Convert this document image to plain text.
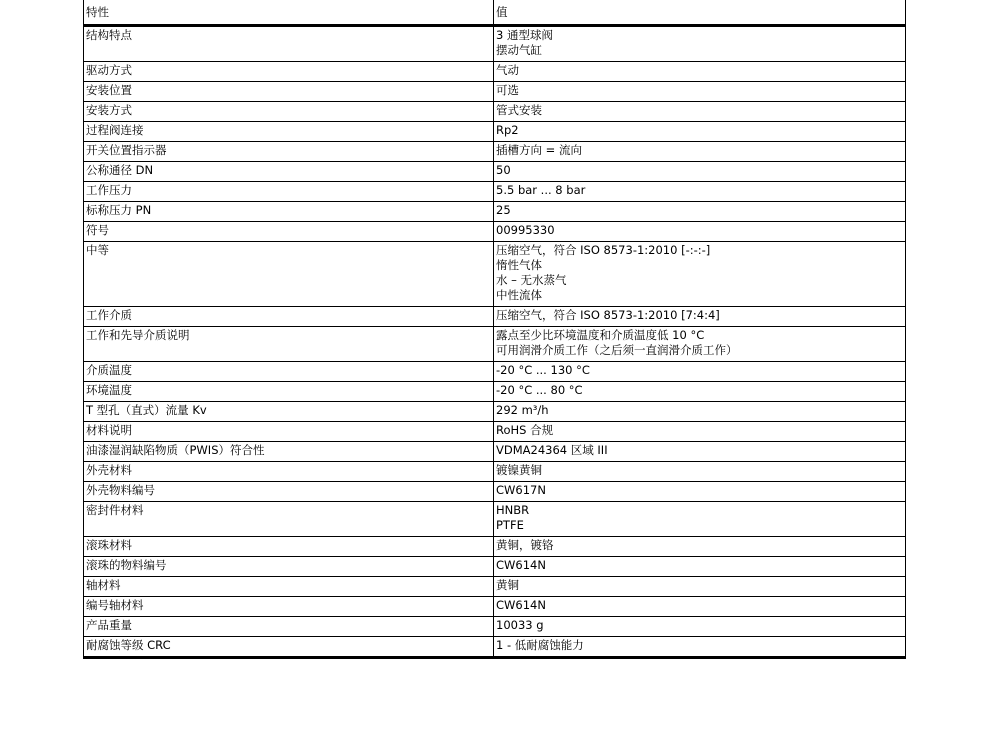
特性	值
结构特点	3 通型球阀
摆动气缸

驱动方式	气动

安装位置	可选

安装方式	管式安装

过程阀连接	Rp2

开关位置指示器	插槽方向 = 流向

公称通径 DN	50

工作压力	5.5 bar ... 8 bar

标称压力 PN	25

符号	00995330

中等	压缩空气，符合 ISO 8573-1:2010 [-:-:-]
惰性气体
水 – 无水蒸气
中性流体

工作介质	压缩空气，符合 ISO 8573-1:2010 [7:4:4]

工作和先导介质说明	露点至少比环境温度和介质温度低 10 °C
可用润滑介质工作（之后须一直润滑介质工作）

介质温度	-20 °C ... 130 °C

环境温度	-20 °C ... 80 °C

T 型孔（直式）流量 Kv	292 m³/h

材料说明	RoHS 合规

油漆湿润缺陷物质（PWIS）符合性	VDMA24364 区域 III

外壳材料	镀镍黄铜

外壳物料编号	CW617N

密封件材料	HNBR
PTFE

滚珠材料	黄铜，镀铬

滚珠的物料编号	CW614N

轴材料	黄铜

编号轴材料	CW614N

产品重量	10033 g

耐腐蚀等级 CRC	1 - 低耐腐蚀能力
